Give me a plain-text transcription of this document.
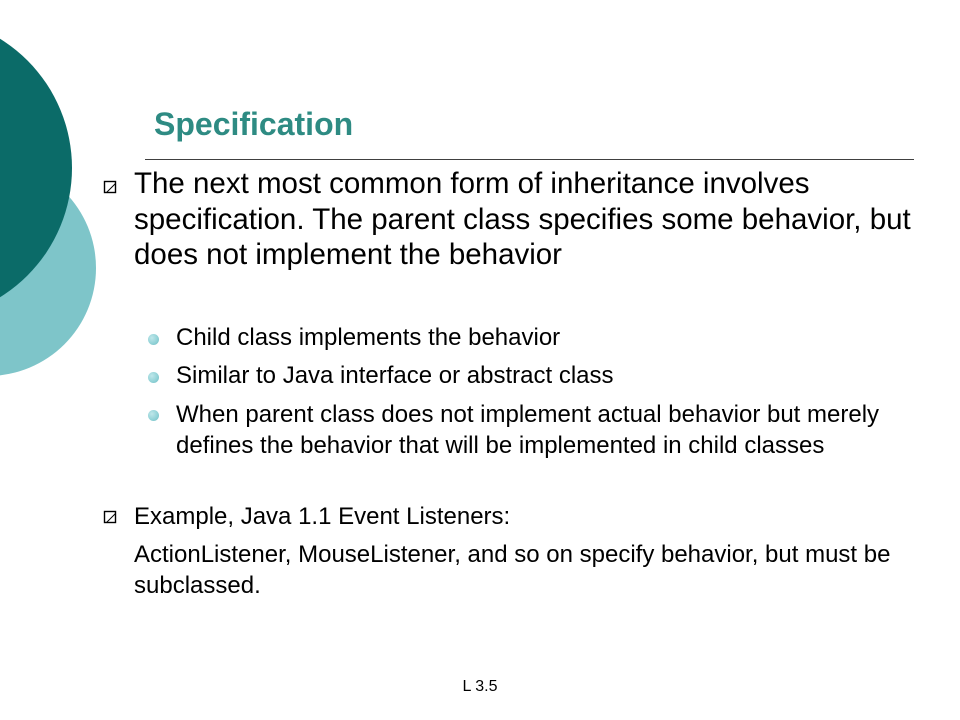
Specification
The next most common form of inheritance involves specification. The parent class specifies some behavior, but does not implement the behavior
Child class implements the behavior
Similar to Java interface or abstract class
When parent class does not implement actual behavior but merely defines the behavior that will be implemented in child classes
Example, Java 1.1 Event Listeners:
ActionListener, MouseListener, and so on specify behavior, but must be subclassed.
L 3.5
